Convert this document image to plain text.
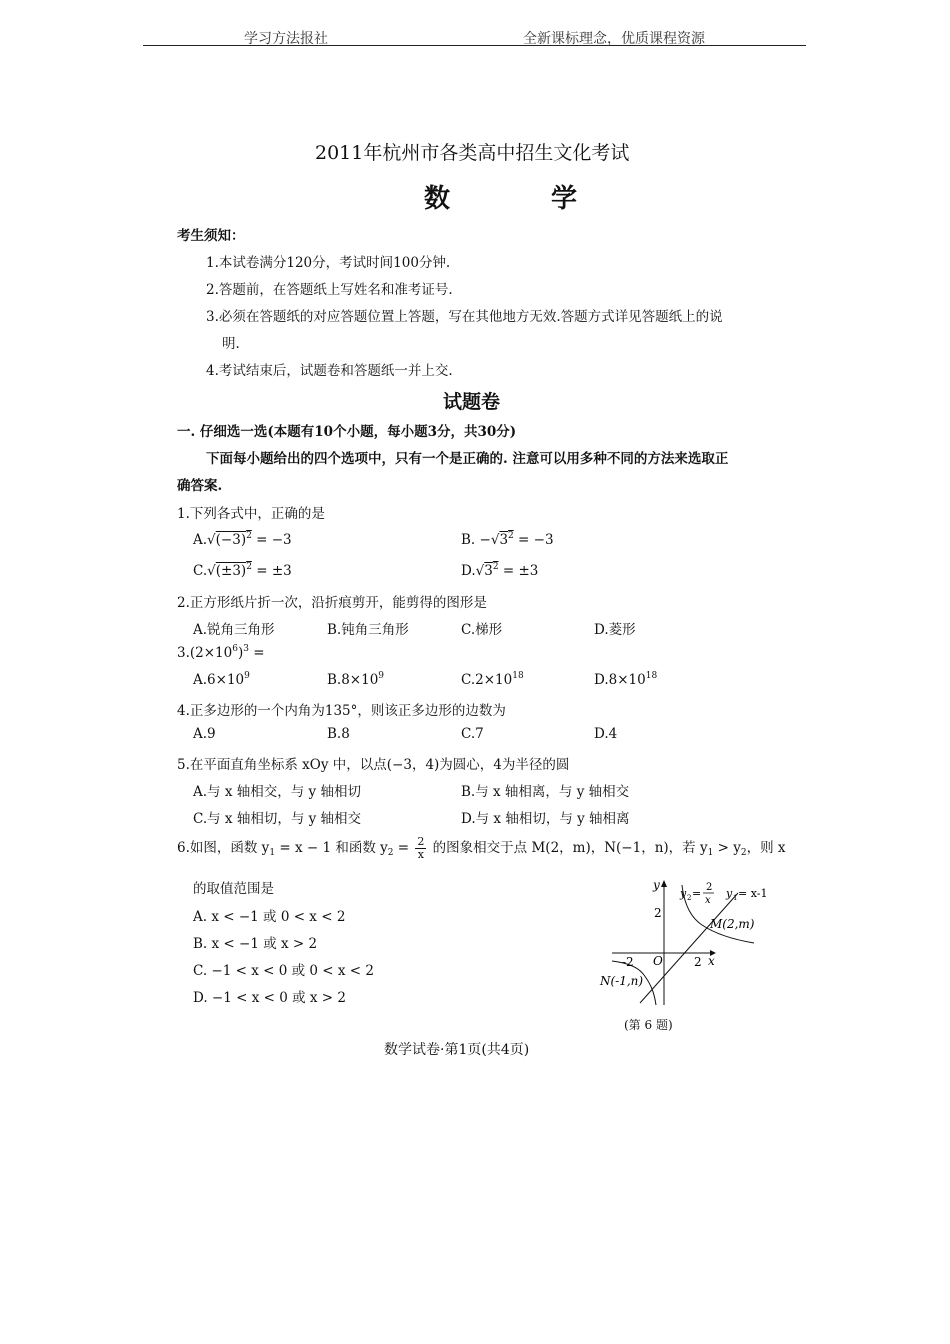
学习方法报社	全新课标理念，优质课程资源
2011年杭州市各类高中招生文化考试
数 学
考生须知：
1.本试卷满分120分，考试时间100分钟.
2.答题前，在答题纸上写姓名和准考证号.
3.必须在答题纸的对应答题位置上答题，写在其他地方无效.答题方式详见答题纸上的说
明.
4.考试结束后，试题卷和答题纸一并上交.
试题卷
一. 仔细选一选(本题有10个小题，每小题3分，共30分)
下面每小题给出的四个选项中，只有一个是正确的. 注意可以用多种不同的方法来选取正
确答案.
1.下列各式中，正确的是
$A.√(-3)^2 = -3$	B. $-√3^2 = -3$
$C.√(\pm 3)^2 = \pm 3$	$D.√3^2 = \pm 3$
2.正方形纸片折一次，沿折痕剪开，能剪得的图形是
A.锐角三角形	B.钝角三角形	C.梯形	D.菱形
$3.(2\times 10^6)^3$ =
$A.6\times 10^9$	$B.8\times 10^9$	$C.2\times 10^{18}$	$D.8\times 10^{18}$
4.正多边形的一个内角为135°，则该正多边形的边数为
A.9	B.8	C.7	D.4
5.在平面直角坐标系 xOy 中，以点(−3，4)为圆心，4为半径的圆
A.与 x 轴相交，与 y 轴相切	B.与 x 轴相离，与 y 轴相交
C.与 x 轴相切，与 y 轴相交	D.与 x 轴相切，与 y 轴相离
6.如图，函数 $y_1 = x - 1$ 和函数 $y_2 = \frac{2}{x}$ 的图象相交于点 M(2，m)，N(−1，n)，若 $y_1 > y_2$，则 x
的取值范围是
A. x < −1 或 0 < x < 2
B. x < −1 或 x > 2
C. −1 < x < 0 或 0 < x < 2
D. −1 < x < 0 或 x > 2
y
x
O
2
2
-2
M(2,m)
N(-1,n)
y 2 = 2
x
y 1 = x-1
(第 6 题)
数学试卷·第1页(共4页)
